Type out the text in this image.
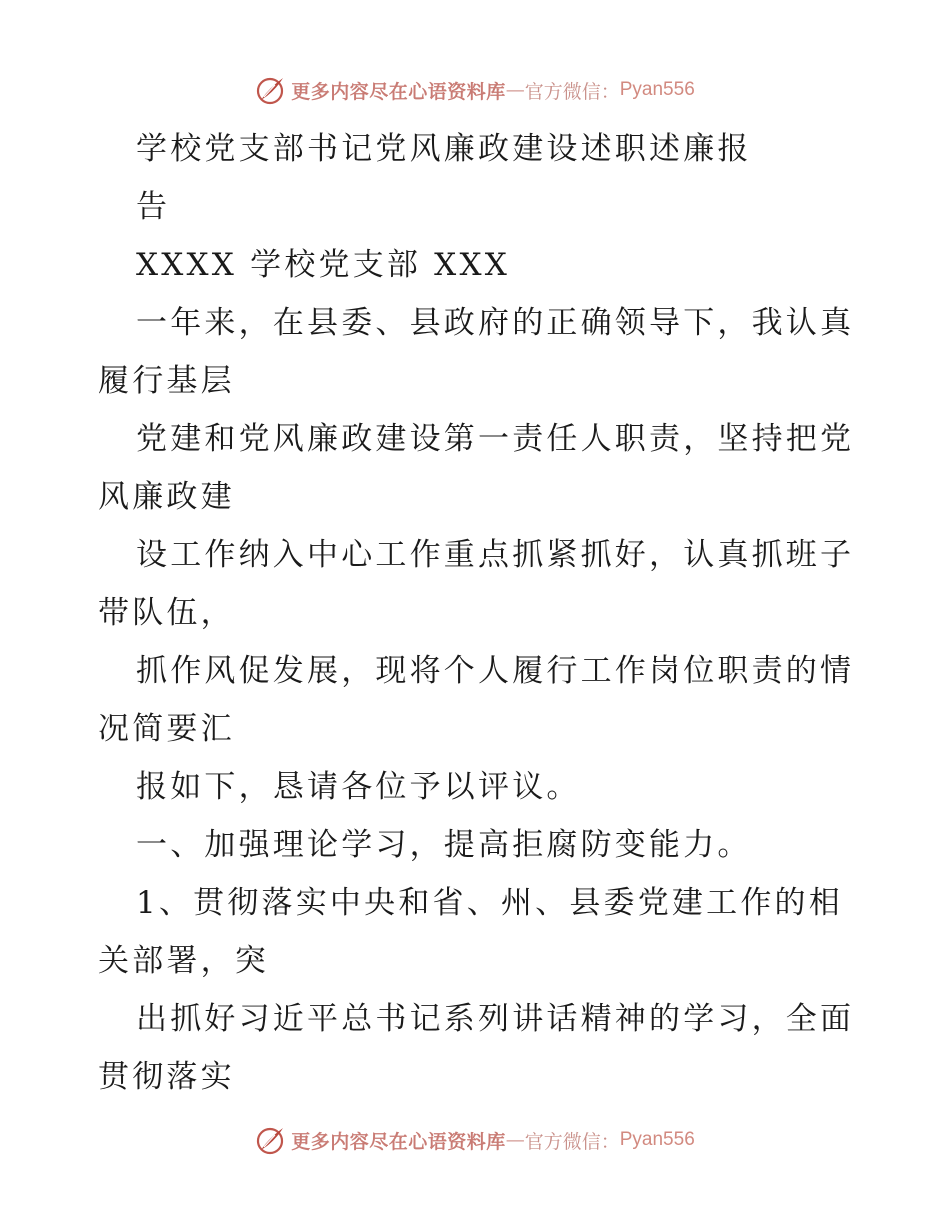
更多内容尽在心语资料库 — 官方微信： Pyan556
学校党支部书记党风廉政建设述职述廉报
告
XXXX 学校党支部 XXX
一年来，在县委、县政府的正确领导下，我认真
履行基层
党建和党风廉政建设第一责任人职责，坚持把党
风廉政建
设工作纳入中心工作重点抓紧抓好，认真抓班子
带队伍，
抓作风促发展，现将个人履行工作岗位职责的情
况简要汇
报如下，恳请各位予以评议。
一、加强理论学习，提高拒腐防变能力。
1、贯彻落实中央和省、州、县委党建工作的相
关部署，突
出抓好习近平总书记系列讲话精神的学习，全面
贯彻落实
更多内容尽在心语资料库 — 官方微信： Pyan556
